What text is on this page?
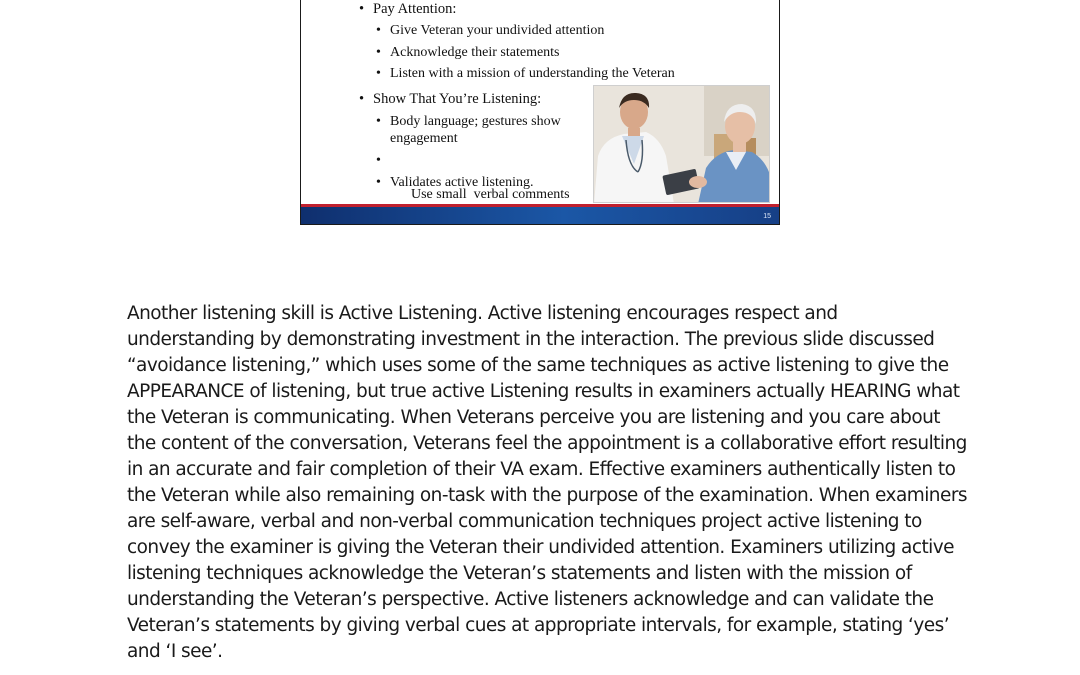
• Pay Attention:
• Give Veteran your undivided attention
• Acknowledge their statements
• Listen with a mission of understanding the Veteran
• Show That You’re Listening:
• Body language; gestures show engagement

•

Use small  verbal comments

• Validates active listening.
15

Another listening skill is Active Listening. Active listening encourages respect and understanding by demonstrating investment in the interaction. The previous slide discussed “avoidance listening,” which uses some of the same techniques as active listening to give the APPEARANCE of listening, but true active Listening results in examiners actually HEARING what the Veteran is communicating. When Veterans perceive you are listening and you care about the content of the conversation, Veterans feel the appointment is a collaborative effort resulting in an accurate and fair completion of their VA exam. Effective examiners authentically listen to the Veteran while also remaining on-task with the purpose of the examination. When examiners are self-aware, verbal and non-verbal communication techniques project active listening to convey the examiner is giving the Veteran their undivided attention. Examiners utilizing active listening techniques acknowledge the Veteran’s statements and listen with the mission of understanding the Veteran’s perspective. Active listeners acknowledge and can validate the Veteran’s statements by giving verbal cues at appropriate intervals, for example, stating ‘yes’ and ‘I see’.
